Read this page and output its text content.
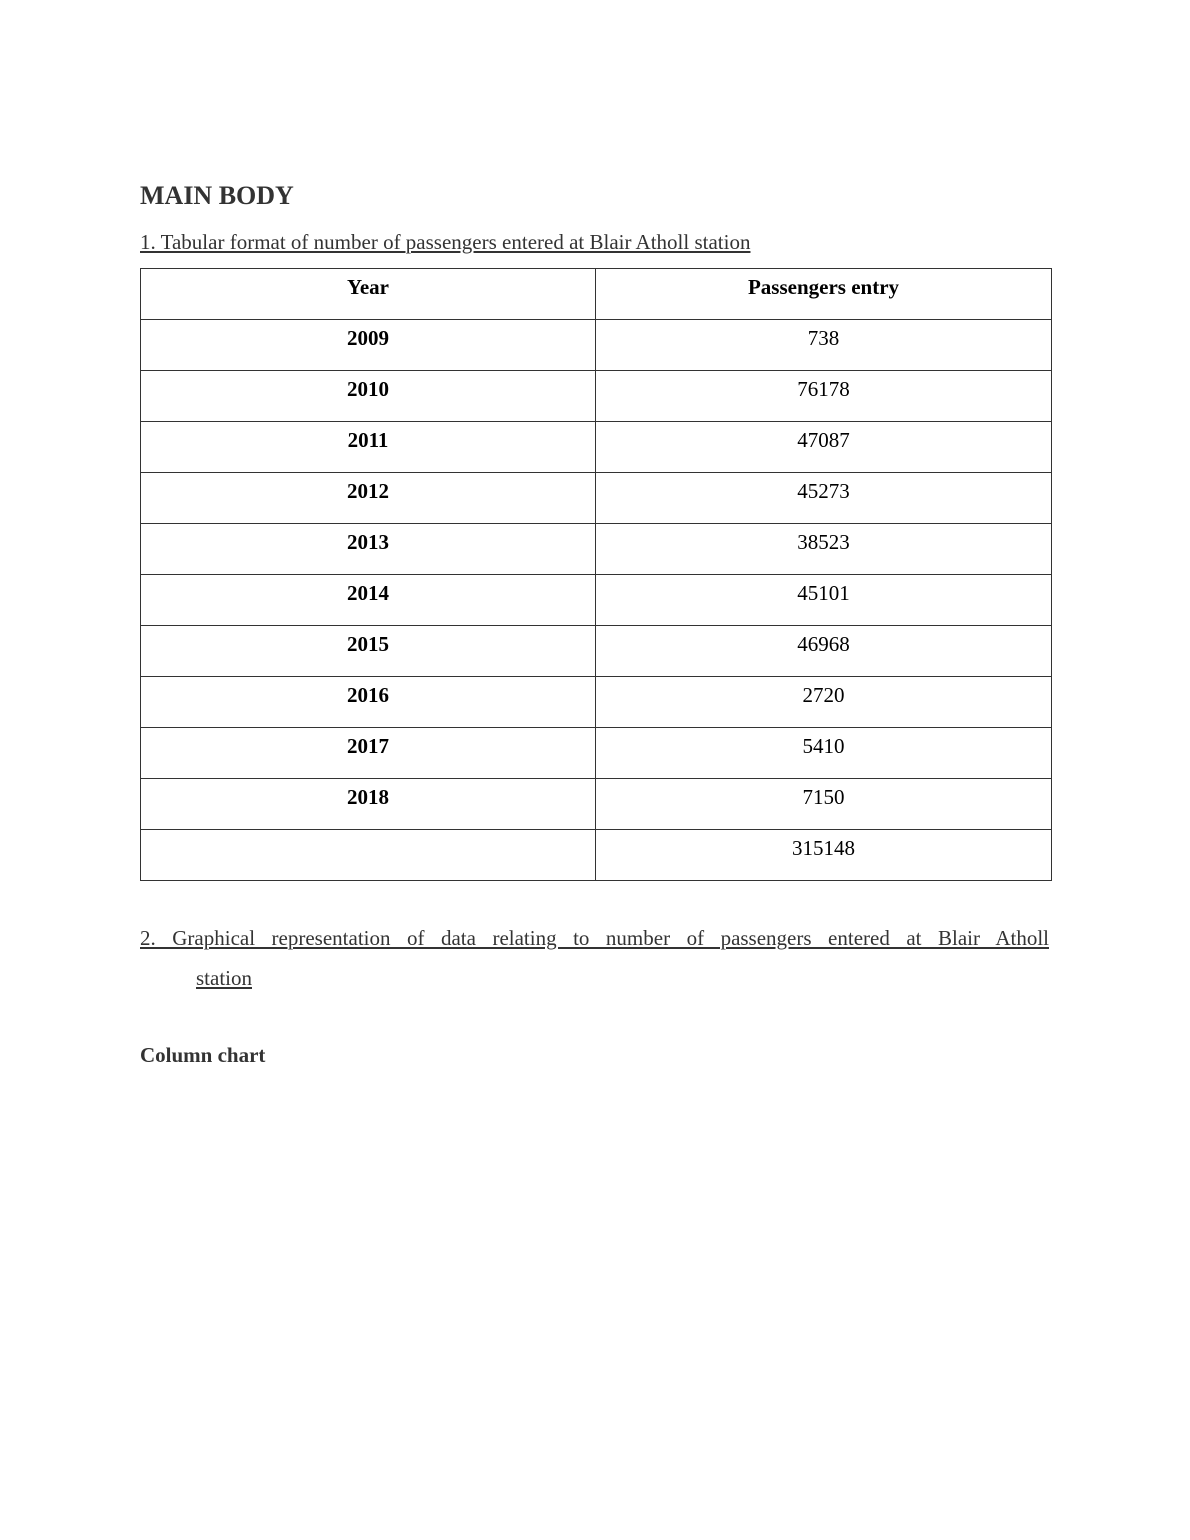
MAIN BODY

1. Tabular format of number of passengers entered at Blair Atholl station

Year	Passengers entry
2009	738
2010	76178
2011	47087
2012	45273
2013	38523
2014	45101
2015	46968
2016	2720
2017	5410
2018	7150
	315148

2. Graphical representation of data relating to number of passengers entered at Blair Atholl
station

Column chart
